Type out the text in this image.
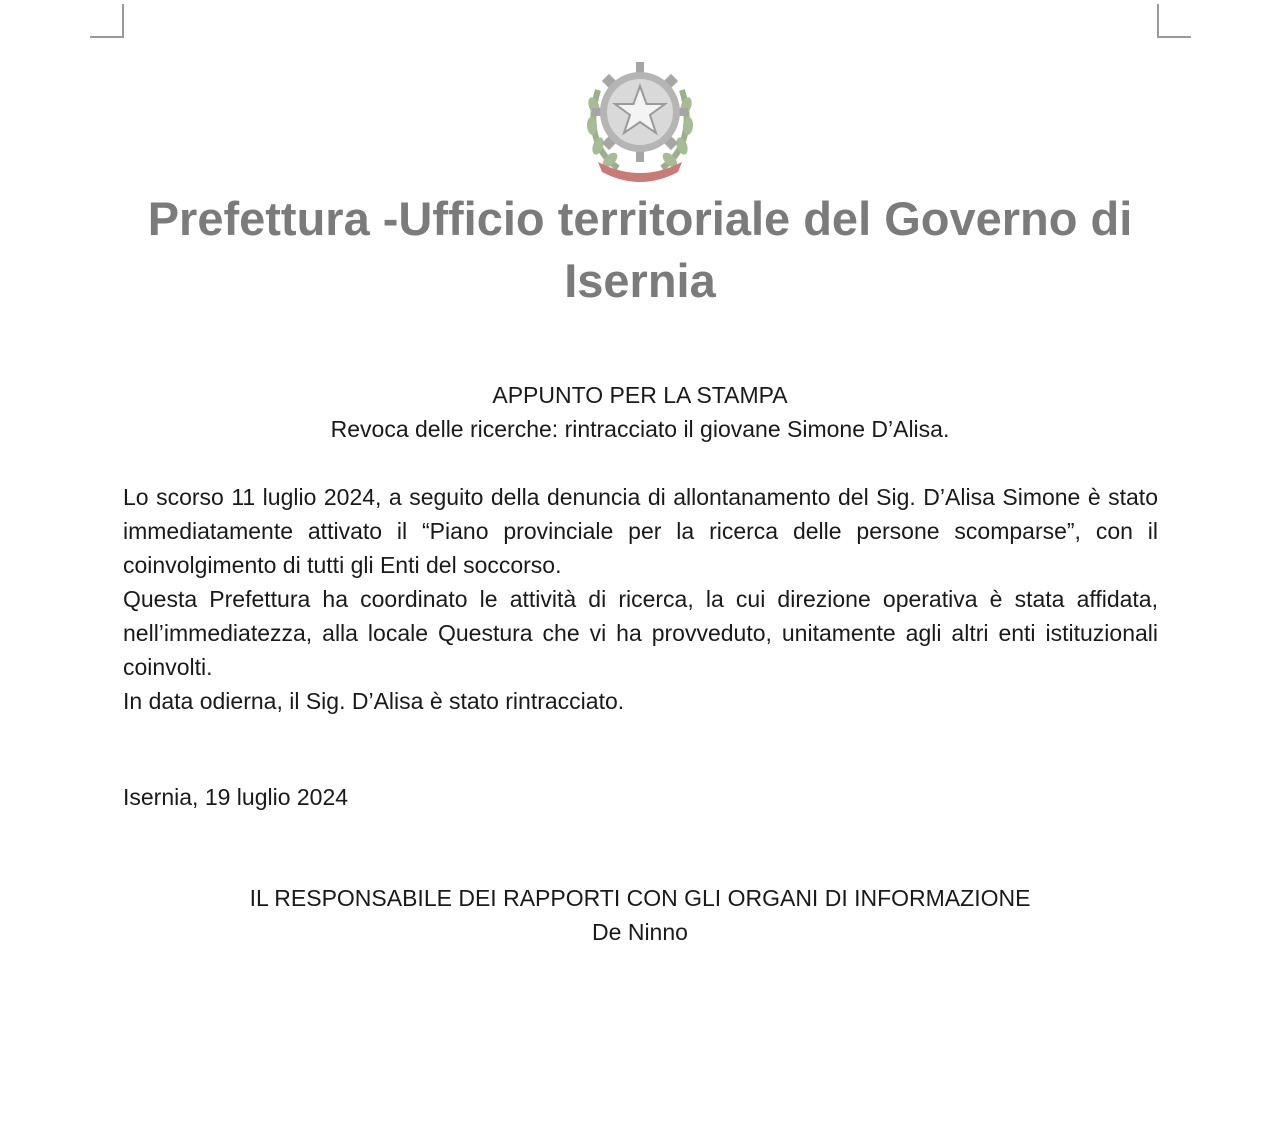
Prefettura -Ufficio territoriale del Governo di
Isernia
APPUNTO PER LA STAMPA
Revoca delle ricerche: rintracciato il giovane Simone D’Alisa.

Lo scorso 11 luglio 2024, a seguito della denuncia di allontanamento del Sig. D’Alisa Simone è stato immediatamente attivato il “Piano provinciale per la ricerca delle persone scomparse”, con il coinvolgimento di tutti gli Enti del soccorso.

Questa Prefettura ha coordinato le attività di ricerca, la cui direzione operativa è stata affidata, nell’immediatezza, alla locale Questura che vi ha provveduto, unitamente agli altri enti istituzionali coinvolti.

In data odierna, il Sig. D’Alisa è stato rintracciato.

Isernia, 19 luglio 2024
IL RESPONSABILE DEI RAPPORTI CON GLI ORGANI DI INFORMAZIONE
De Ninno
